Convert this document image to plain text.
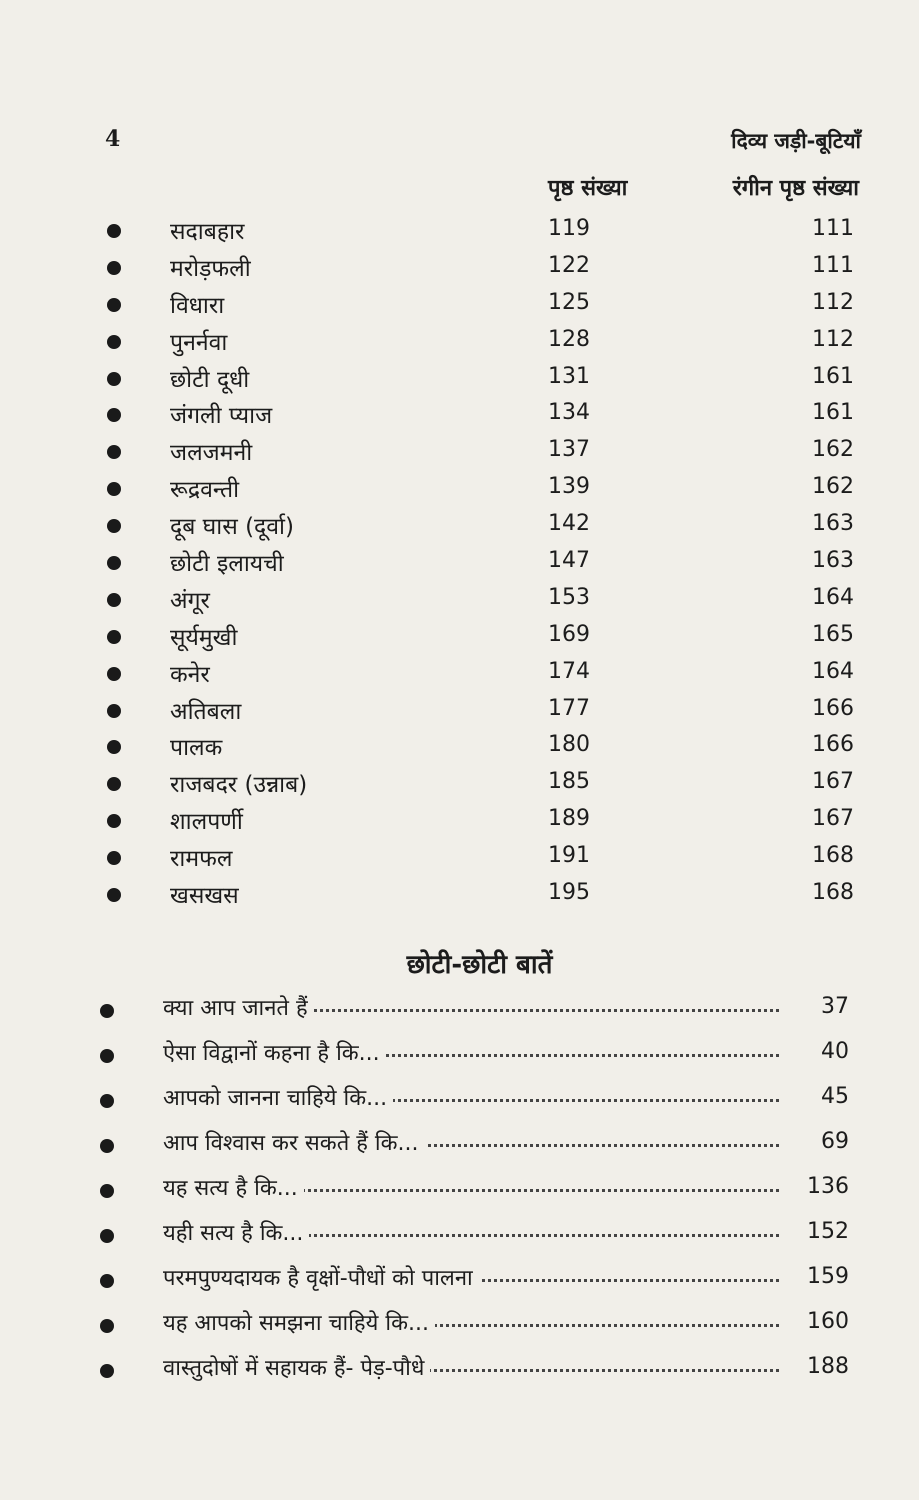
4	दिव्य जड़ी-बूटियाँ
पृष्ठ संख्या	रंगीन पृष्ठ संख्या
सदाबहार	119	111
मरोड़फली	122	111
विधारा	125	112
पुनर्नवा	128	112
छोटी दूधी	131	161
जंगली प्याज	134	161
जलजमनी	137	162
रूद्रवन्ती	139	162
दूब घास (दूर्वा)	142	163
छोटी इलायची	147	163
अंगूर	153	164
सूर्यमुखी	169	165
कनेर	174	164
अतिबला	177	166
पालक	180	166
राजबदर (उन्नाब)	185	167
शालपर्णी	189	167
रामफल	191	168
खसखस	195	168
छोटी-छोटी बातें
क्या आप जानते हैं	37
ऐसा विद्वानों कहना है कि...	40
आपको जानना चाहिये कि...	45
आप विश्वास कर सकते हैं कि...	69
यह सत्य है कि...	136
यही सत्य है कि...	152
परमपुण्यदायक है वृक्षों-पौधों को पालना	159
यह आपको समझना चाहिये कि...	160
वास्तुदोषों में सहायक हैं- पेड़-पौधे	188
